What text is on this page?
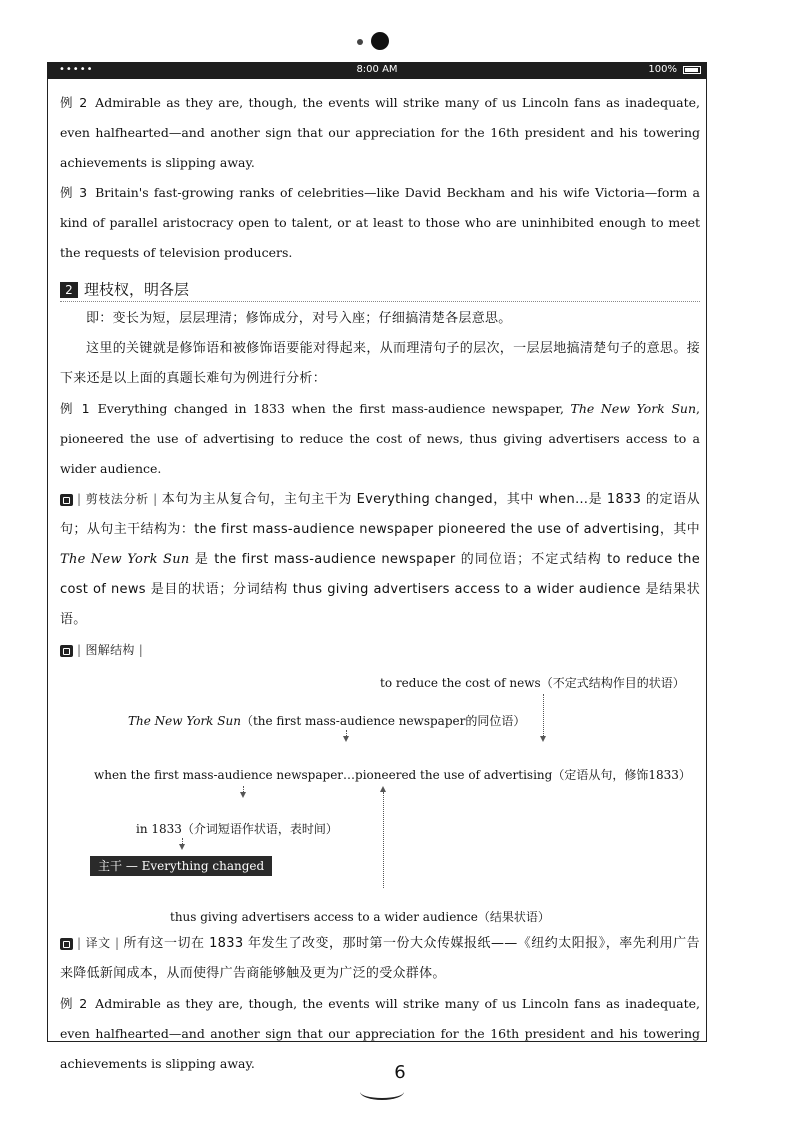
•••••	8:00 AM	100%

例 2 Admirable as they are, though, the events will strike many of us Lincoln fans as inadequate, even halfhearted—and another sign that our appreciation for the 16th president and his towering achievements is slipping away.

例 3 Britain's fast-growing ranks of celebrities—like David Beckham and his wife Victoria—form a kind of parallel aristocracy open to talent, or at least to those who are uninhibited enough to meet the requests of television producers.

2 理枝杈，明各层

即：变长为短，层层理清；修饰成分，对号入座；仔细搞清楚各层意思。

这里的关键就是修饰语和被修饰语要能对得起来，从而理清句子的层次，一层层地搞清楚句子的意思。接下来还是以上面的真题长难句为例进行分析：

例 1 Everything changed in 1833 when the first mass-audience newspaper, The New York Sun, pioneered the use of advertising to reduce the cost of news, thus giving advertisers access to a wider audience.

| 剪枝法分析 | 本句为主从复合句，主句主干为 Everything changed，其中 when…是 1833 的定语从句；从句主干结构为：the first mass-audience newspaper pioneered the use of advertising，其中 The New York Sun 是 the first mass-audience newspaper 的同位语；不定式结构 to reduce the cost of news 是目的状语；分词结构 thus giving advertisers access to a wider audience 是结果状语。

| 图解结构 |

to reduce the cost of news（不定式结构作目的状语）
The New York Sun（the first mass-audience newspaper的同位语）
when the first mass-audience newspaper…pioneered the use of advertising（定语从句，修饰1833）
in 1833（介词短语作状语，表时间）
主干 — Everything changed
thus giving advertisers access to a wider audience（结果状语）

| 译文 | 所有这一切在 1833 年发生了改变，那时第一份大众传媒报纸——《纽约太阳报》，率先利用广告来降低新闻成本，从而使得广告商能够触及更为广泛的受众群体。

例 2 Admirable as they are, though, the events will strike many of us Lincoln fans as inadequate, even halfhearted—and another sign that our appreciation for the 16th president and his towering achievements is slipping away.	6
